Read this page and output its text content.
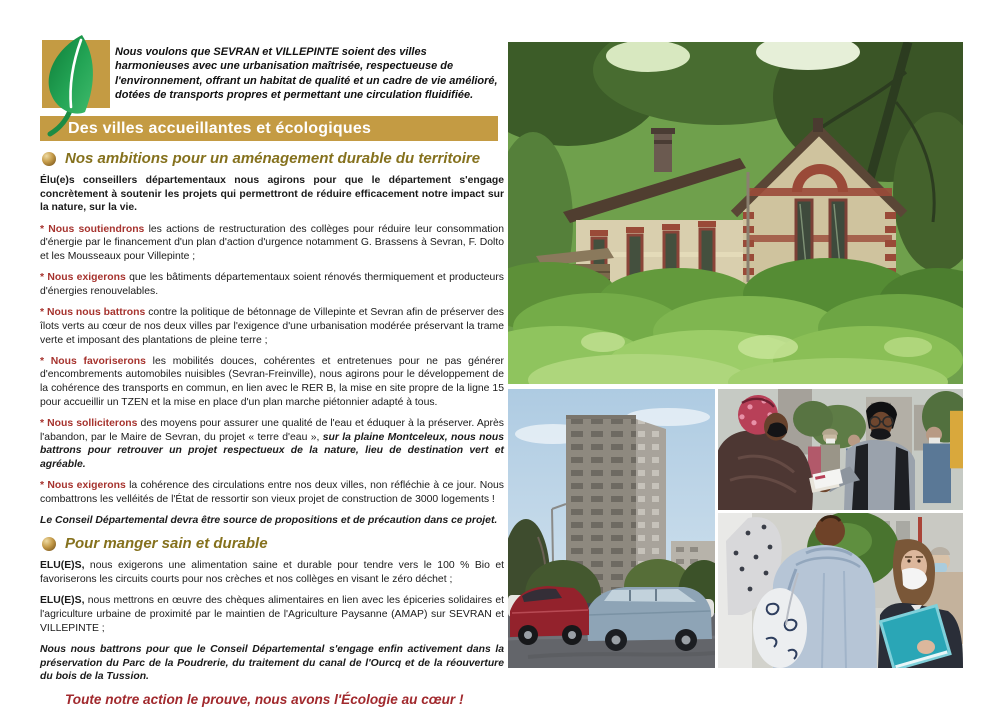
Nous voulons que SEVRAN et VILLEPINTE soient des villes harmonieuses avec une urbanisation maîtrisée, respectueuse de l'environnement, offrant un habitat de qualité et un cadre de vie amélioré, dotées de transports propres et permettant une circulation fluidifiée.
Des villes accueillantes et écologiques
Nos ambitions pour un aménagement durable du territoire

Élu(e)s conseillers départementaux nous agirons pour que le département s'engage concrètement à soutenir les projets qui permettront de réduire efficacement notre impact sur la nature, sur la vie.

* Nous soutiendrons les actions de restructuration des collèges pour réduire leur consommation d'énergie par le financement d'un plan d'action d'urgence notamment G. Brassens à Sevran, F. Dolto et les Mousseaux pour Villepinte ;

* Nous exigerons que les bâtiments départementaux soient rénovés thermiquement et producteurs d'énergies renouvelables.

* Nous nous battrons contre la politique de bétonnage de Villepinte et Sevran afin de préserver des îlots verts au cœur de nos deux villes par l'exigence d'une urbanisation modérée préservant la trame verte et imposant des plantations de pleine terre ;

* Nous favoriserons les mobilités douces, cohérentes et entretenues pour ne pas générer d'encombrements automobiles nuisibles (Sevran-Freinville), nous agirons pour le développement de la cohérence des transports en commun, en lien avec le RER B, la mise en site propre de la ligne 15 pour accueillir un TZEN et la mise en place d'un plan marche piétonnier adapté à tous.

* Nous solliciterons des moyens pour assurer une qualité de l'eau et éduquer à la préserver. Après l'abandon, par le Maire de Sevran, du projet « terre d'eau », sur la plaine Montceleux, nous nous battrons pour retrouver un projet respectueux de la nature, lieu de destination vert et agréable.

* Nous exigerons la cohérence des circulations entre nos deux villes, non réfléchie à ce jour. Nous combattrons les velléités de l'État de ressortir son vieux projet de construction de 3000 logements !

Le Conseil Départemental devra être source de propositions et de précaution dans ce projet.

Pour manger sain et durable

ELU(E)S, nous exigerons une alimentation saine et durable pour tendre vers le 100 % Bio et favoriserons les circuits courts pour nos crèches et nos collèges en visant le zéro déchet ;

ELU(E)S, nous mettrons en œuvre des chèques alimentaires en lien avec les épiceries solidaires et l'agriculture urbaine de proximité par le maintien de l'Agriculture Paysanne (AMAP) sur SEVRAN et VILLEPINTE ;

Nous nous battrons pour que le Conseil Départemental s'engage enfin activement dans la préservation du Parc de la Poudrerie, du traitement du canal de l'Ourcq et de la réouverture du bois de la Tussion.

Toute notre action le prouve, nous avons l'Écologie au cœur !
